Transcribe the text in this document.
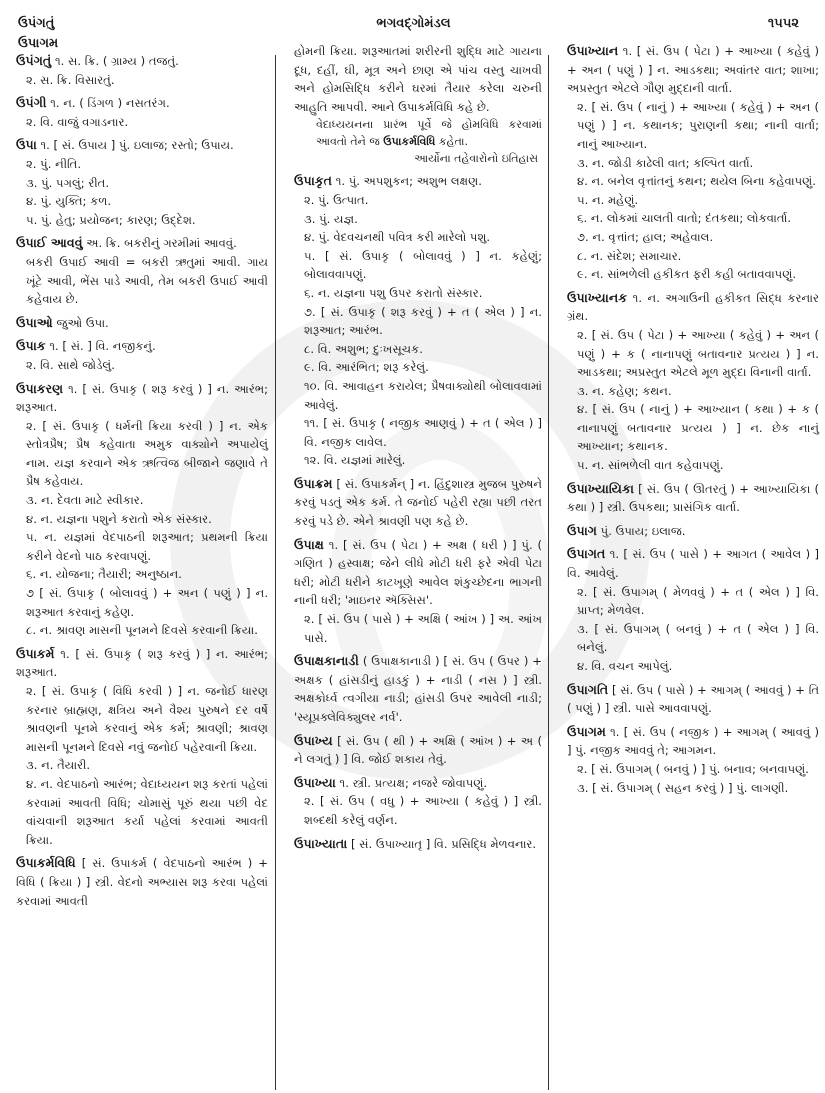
ઉપંગતું	ભગવદ્ગોમંડલ	૧૫૫૨
ઉપાગમ
ઉપંગતું ૧. સ. ક્રિ. ( ગ્રામ્ય ) તજતું.
૨. સ. ક્રિ. વિસારતું.
ઉપંગી ૧. ન. ( ડિંગળ ) નસતરંગ.
૨. વિ. વાજું વગાડનાર.
ઉપા ૧. [ સં. ઉપાય ] પું. ઇલાજ; રસ્તો; ઉપાય.
૨. પું. નીતિ.
૩. પું. પગલું; રીત.
૪. પું. યુક્તિ; કળ.
૫. પું. હેતુ; પ્રયોજન; કારણ; ઉદ્દેશ.
ઉપાઈ આવવું અ. ક્રિ. બકરીનું ગરમીમાં આવવું.
બકરી ઉપાઈ આવી = બકરી ઋતુમાં આવી. ગાય ખૂંટે આવી, ભેંસ પાડે આવી, તેમ બકરી ઉપાઈ આવી કહેવાય છે.
ઉપાઓ જુઓ ઉપા.
ઉપાક ૧. [ સં. ] વિ. નજીકનું.
૨. વિ. સાથે જોડેલું.
ઉપાકરણ ૧. [ સં. ઉપાકૃ ( શરૂ કરવું ) ] ન. આરંભ; શરૂઆત.
૨. [ સં. ઉપાકૃ ( ધર્મની ક્રિયા કરવી ) ] ન. એક સ્તોત્રપ્રૈષ; પ્રૈષ કહેવાતા અમુક વાક્યોને અપાયેલું નામ. યજ્ઞ કરવાને એક ઋત્વિજ બીજાને જણાવે તે પ્રૈષ કહેવાય.
૩. ન. દેવતા માટે સ્વીકાર.
૪. ન. યજ્ઞના પશુને કરાતો એક સંસ્કાર.
૫. ન. યજ્ઞમાં વેદપાઠની શરૂઆત; પ્રથમની ક્રિયા કરીને વેદનો પાઠ કરવાપણું.
૬. ન. યોજના; તૈયારી; અનુષ્ઠાન.
૭ [ સં. ઉપાકૃ ( બોલાવવું ) + અન ( પણું ) ] ન. શરૂઆત કરવાનું કહેણ.
૮. ન. શ્રાવણ માસની પૂનમને દિવસે કરવાની ક્રિયા.
ઉપાકર્મ ૧. [ સં. ઉપાકૃ ( શરૂ કરવું ) ] ન. આરંભ; શરૂઆત.
૨. [ સં. ઉપાકૃ ( વિધિ કરવી ) ] ન. જનોઈ ધારણ કરનાર બ્રાહ્મણ, ક્ષત્રિય અને વૈશ્ય પુરુષને દર વર્ષે શ્રાવણની પૂનમે કરવાનું એક કર્મ; શ્રાવણી; શ્રાવણ માસની પૂનમને દિવસે નવું જનોઈ પહેરવાની ક્રિયા.
૩. ન. તૈયારી.
૪. ન. વેદપાઠનો આરંભ; વેદાધ્યયન શરૂ કરતાં પહેલાં કરવામાં આવતી વિધિ; ચોમાસું પૂરું થયા પછી વેદ વાંચવાની શરૂઆત કર્યા પહેલાં કરવામાં આવતી ક્રિયા.
ઉપાકર્મવિધિ [ સં. ઉપાકર્મ ( વેદપાઠનો આરંભ ) + વિધિ ( ક્રિયા ) ] સ્ત્રી. વેદનો અભ્યાસ શરૂ કરવા પહેલાં કરવામાં આવતી
હોમની ક્રિયા. શરૂઆતમાં શરીરની શુદ્ધિ માટે ગાયના દૂધ, દહીં, ઘી, મૂત્ર અને છાણ એ પાંચ વસ્તુ ચાખવી અને હોમસિદ્ધિ કરીને ઘરમાં તૈયાર કરેલા ચરુની આહુતિ આપવી. આને ઉપાકર્મવિધિ કહે છે.
વેદાધ્યયનના પ્રારંભ પૂર્વે જે હોમવિધિ કરવામાં આવતો તેને જ ઉપાકર્મવિધિ કહેતા.
આર્યોના તહેવારોનો ઇતિહાસ
ઉપાકૃત ૧. પું. અપશુકન; અશુભ લક્ષણ.
૨. પું. ઉત્પાત.
૩. પું. યજ્ઞ.
૪. પું. વેદવચનથી પવિત્ર કરી મારેલો પશુ.
૫. [ સં. ઉપાકૃ ( બોલાવવું ) ] ન. કહેણું; બોલાવવાપણું.
૬. ન. યજ્ઞના પશુ ઉપર કરાતો સંસ્કાર.
૭. [ સં. ઉપાકૃ ( શરૂ કરવું ) + ત ( એલ ) ] ન. શરૂઆત; આરંભ.
૮. વિ. અશુભ; દુઃખસૂચક.
૯. વિ. આરંભિત; શરૂ કરેલું.
૧૦. વિ. આવાહન કરાયેલ; પ્રૈષવાક્યોથી બોલાવવામાં આવેલું.
૧૧. [ સં. ઉપાકૃ ( નજીક આણવું ) + ત ( એલ ) ] વિ. નજીક લાવેલ.
૧૨. વિ. યજ્ઞમાં મારેલું.
ઉપાક્રમ [ સં. ઉપાકર્મન્ ] ન. હિંદુશાસ્ત્ર મુજબ પુરુષને કરવું પડતું એક કર્મ. તે જનોઈ પહેરી રહ્યા પછી તરત કરવું પડે છે. એને શ્રાવણી પણ કહે છે.
ઉપાક્ષ ૧. [ સં. ઉપ ( પેટા ) + અક્ષ ( ધરી ) ] પું. ( ગણિત ) હસ્વાક્ષ; જેને લીધે મોટી ધરી ફરે એવી પેટા ધરી; મોટી ધરીને કાટખૂણે આવેલ શંકુચ્છેદના ભાગની નાની ધરી; 'માઇનર ઍક્સિસ'.
૨. [ સં. ઉપ ( પાસે ) + અક્ષિ ( આંખ ) ] અ. આંખ પાસે.
ઉપાક્ષકાનાડી ( ઉપાક્ષકાનાડી ) [ સં. ઉપ ( ઉપર ) + અક્ષક ( હાંસડીનું હાડકું ) + નાડી ( નસ ) ] સ્ત્રી. અક્ષકોર્ધ્વ ત્વગીયા નાડી; હાંસડી ઉપર આવેલી નાડી; 'સ્યૂપ્રક્લેવિક્યુલર નર્વ'.
ઉપાખ્ય [ સં. ઉપ ( થી ) + અક્ષિ ( આંખ ) + અ ( ને લગતું ) ] વિ. જોઈ શકાય તેવું.
ઉપાખ્યા ૧. સ્ત્રી. પ્રત્યક્ષ; નજરે જોવાપણું.
૨. [ સં. ઉપ ( વધુ ) + આખ્યા ( કહેવું ) ] સ્ત્રી. શબ્દથી કરેલું વર્ણન.
ઉપાખ્યાતા [ સં. ઉપાખ્યાતૃ ] વિ. પ્રસિદ્ધિ મેળવનાર.
ઉપાખ્યાન ૧. [ સં. ઉપ ( પેટા ) + આખ્યા ( કહેવું ) + અન ( પણું ) ] ન. આડકથા; અવાંતર વાત; શાખા; અપ્રસ્તુત એટલે ગૌણ મુદ્દાની વાર્તા.
૨. [ સં. ઉપ ( નાનું ) + આખ્યા ( કહેવું ) + અન ( પણું ) ] ન. કથાનક; પુરાણની કથા; નાની વાર્તા; નાનું આખ્યાન.
૩. ન. જોડી કાઢેલી વાત; કલ્પિત વાર્તા.
૪. ન. બનેલ વૃત્તાંતનું કથન; થયેલ બિના કહેવાપણું.
૫. ન. મહેણું.
૬. ન. લોકમાં ચાલતી વાતો; દંતકથા; લોકવાર્તા.
૭. ન. વૃત્તાંત; હાલ; અહેવાલ.
૮. ન. સંદેશ; સમાચાર.
૯. ન. સાંભળેલી હકીકત ફરી કહી બતાવવાપણું.
ઉપાખ્યાનક ૧. ન. અગાઉની હકીકત સિદ્ધ કરનાર ગ્રંથ.
૨. [ સં. ઉપ ( પેટા ) + આખ્યા ( કહેવું ) + અન ( પણું ) + ક ( નાનાપણું બતાવનાર પ્રત્યય ) ] ન. આડકથા; અપ્રસ્તુત એટલે મૂળ મુદ્દા વિનાની વાર્તા.
૩. ન. કહેણ; કથન.
૪. [ સં. ઉપ ( નાનું ) + આખ્યાન ( કથા ) + ક ( નાનાપણું બતાવનાર પ્રત્યય ) ] ન. છેક નાનું આખ્યાન; કથાનક.
૫. ન. સાંભળેલી વાત કહેવાપણું.
ઉપાખ્યાયિકા [ સં. ઉપ ( ઊતરતું ) + આખ્યાયિકા ( કથા ) ] સ્ત્રી. ઉપકથા; પ્રાસંગિક વાર્તા.
ઉપાગ પું. ઉપાય; ઇલાજ.
ઉપાગત ૧. [ સં. ઉપ ( પાસે ) + આગત ( આવેલ ) ] વિ. આવેલું.
૨. [ સં. ઉપાગમ્ ( મેળવવું ) + ત ( એલ ) ] વિ. પ્રાપ્ત; મેળવેલ.
૩. [ સં. ઉપાગમ્ ( બનવું ) + ત ( એલ ) ] વિ. બનેલું.
૪. વિ. વચન આપેલું.
ઉપાગતિ [ સં. ઉપ ( પાસે ) + આગમ્ ( આવવું ) + તિ ( પણું ) ] સ્ત્રી. પાસે આવવાપણું.
ઉપાગમ ૧. [ સં. ઉપ ( નજીક ) + આગમ્ ( આવવું ) ] પું. નજીક આવવું તે; આગમન.
૨. [ સં. ઉપાગમ્ ( બનવું ) ] પું. બનાવ; બનવાપણું.
૩. [ સં. ઉપાગમ્ ( સહન કરવું ) ] પું. લાગણી.
